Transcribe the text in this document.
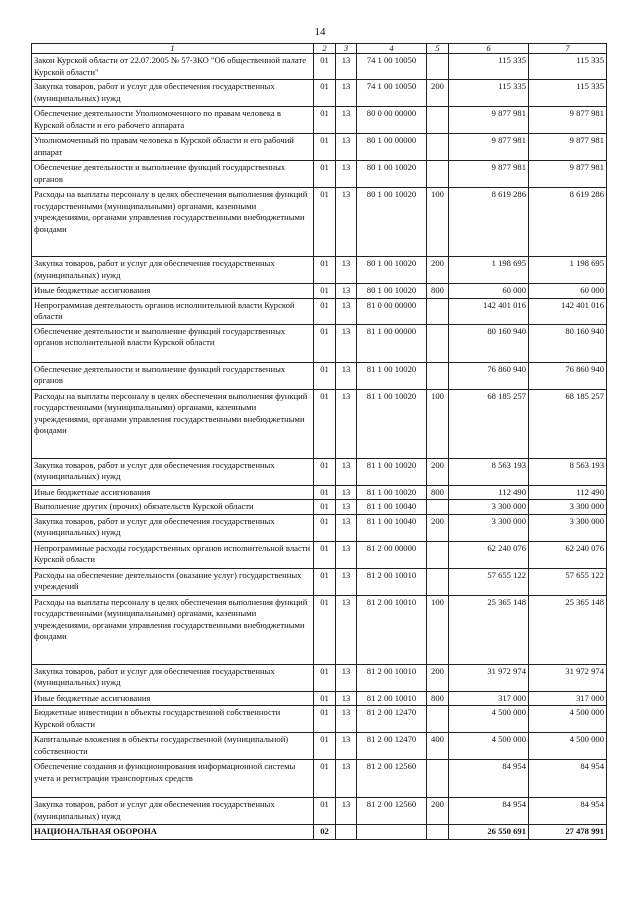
14
1	2	3	4	5	6	7
Закон Курской области от 22.07.2005 № 57-ЗКО "Об общественной палате Курской области"	01	13	74 1 00 10050		115 335	115 335
Закупка товаров, работ и услуг для обеспечения государственных (муниципальных) нужд	01	13	74 1 00 10050	200	115 335	115 335
Обеспечение деятельности Уполномоченного по правам человека в Курской области и его рабочего аппарата	01	13	80 0 00 00000		9 877 981	9 877 981
Уполномоченный по правам человека в Курской области и его рабочий аппарат	01	13	80 1 00 00000		9 877 981	9 877 981
Обеспечение деятельности и выполнение функций государственных органов	01	13	80 1 00 10020		9 877 981	9 877 981
Расходы на выплаты персоналу в целях обеспечения выполнения функций государственными (муниципальными) органами, казенными учреждениями, органами управления государственными внебюджетными фондами	01	13	80 1 00 10020	100	8 619 286	8 619 286
Закупка товаров, работ и услуг для обеспечения государственных (муниципальных) нужд	01	13	80 1 00 10020	200	1 198 695	1 198 695
Иные бюджетные ассигнования	01	13	80 1 00 10020	800	60 000	60 000
Непрограммная деятельность органов исполнительной власти Курской области	01	13	81 0 00 00000		142 401 016	142 401 016
Обеспечение деятельности и выполнение функций государственных органов исполнительной власти Курской области	01	13	81 1 00 00000		80 160 940	80 160 940
Обеспечение деятельности и выполнение функций государственных органов	01	13	81 1 00 10020		76 860 940	76 860 940
Расходы на выплаты персоналу в целях обеспечения выполнения функций государственными (муниципальными) органами, казенными учреждениями, органами управления государственными внебюджетными фондами	01	13	81 1 00 10020	100	68 185 257	68 185 257
Закупка товаров, работ и услуг для обеспечения государственных (муниципальных) нужд	01	13	81 1 00 10020	200	8 563 193	8 563 193
Иные бюджетные ассигнования	01	13	81 1 00 10020	800	112 490	112 490
Выполнение других (прочих) обязательств Курской области	01	13	81 1 00 10040		3 300 000	3 300 000
Закупка товаров, работ и услуг для обеспечения государственных (муниципальных) нужд	01	13	81 1 00 10040	200	3 300 000	3 300 000
Непрограммные расходы государственных органов исполнительной власти Курской области	01	13	81 2 00 00000		62 240 076	62 240 076
Расходы на обеспечение деятельности (оказание услуг) государственных учреждений	01	13	81 2 00 10010		57 655 122	57 655 122
Расходы на выплаты персоналу в целях обеспечения выполнения функций государственными (муниципальными) органами, казенными учреждениями, органами управления государственными внебюджетными фондами	01	13	81 2 00 10010	100	25 365 148	25 365 148
Закупка товаров, работ и услуг для обеспечения государственных (муниципальных) нужд	01	13	81 2 00 10010	200	31 972 974	31 972 974
Иные бюджетные ассигнования	01	13	81 2 00 10010	800	317 000	317 000
Бюджетные инвестиции в объекты государственной собственности Курской области	01	13	81 2 00 12470		4 500 000	4 500 000
Капитальные вложения в объекты государственной (муниципальной) собственности	01	13	81 2 00 12470	400	4 500 000	4 500 000
Обеспечение создания и функционирования информационной системы учета и регистрации транспортных средств	01	13	81 2 00 12560		84 954	84 954
Закупка товаров, работ и услуг для обеспечения государственных (муниципальных) нужд	01	13	81 2 00 12560	200	84 954	84 954
НАЦИОНАЛЬНАЯ ОБОРОНА	02				26 550 691	27 478 991
